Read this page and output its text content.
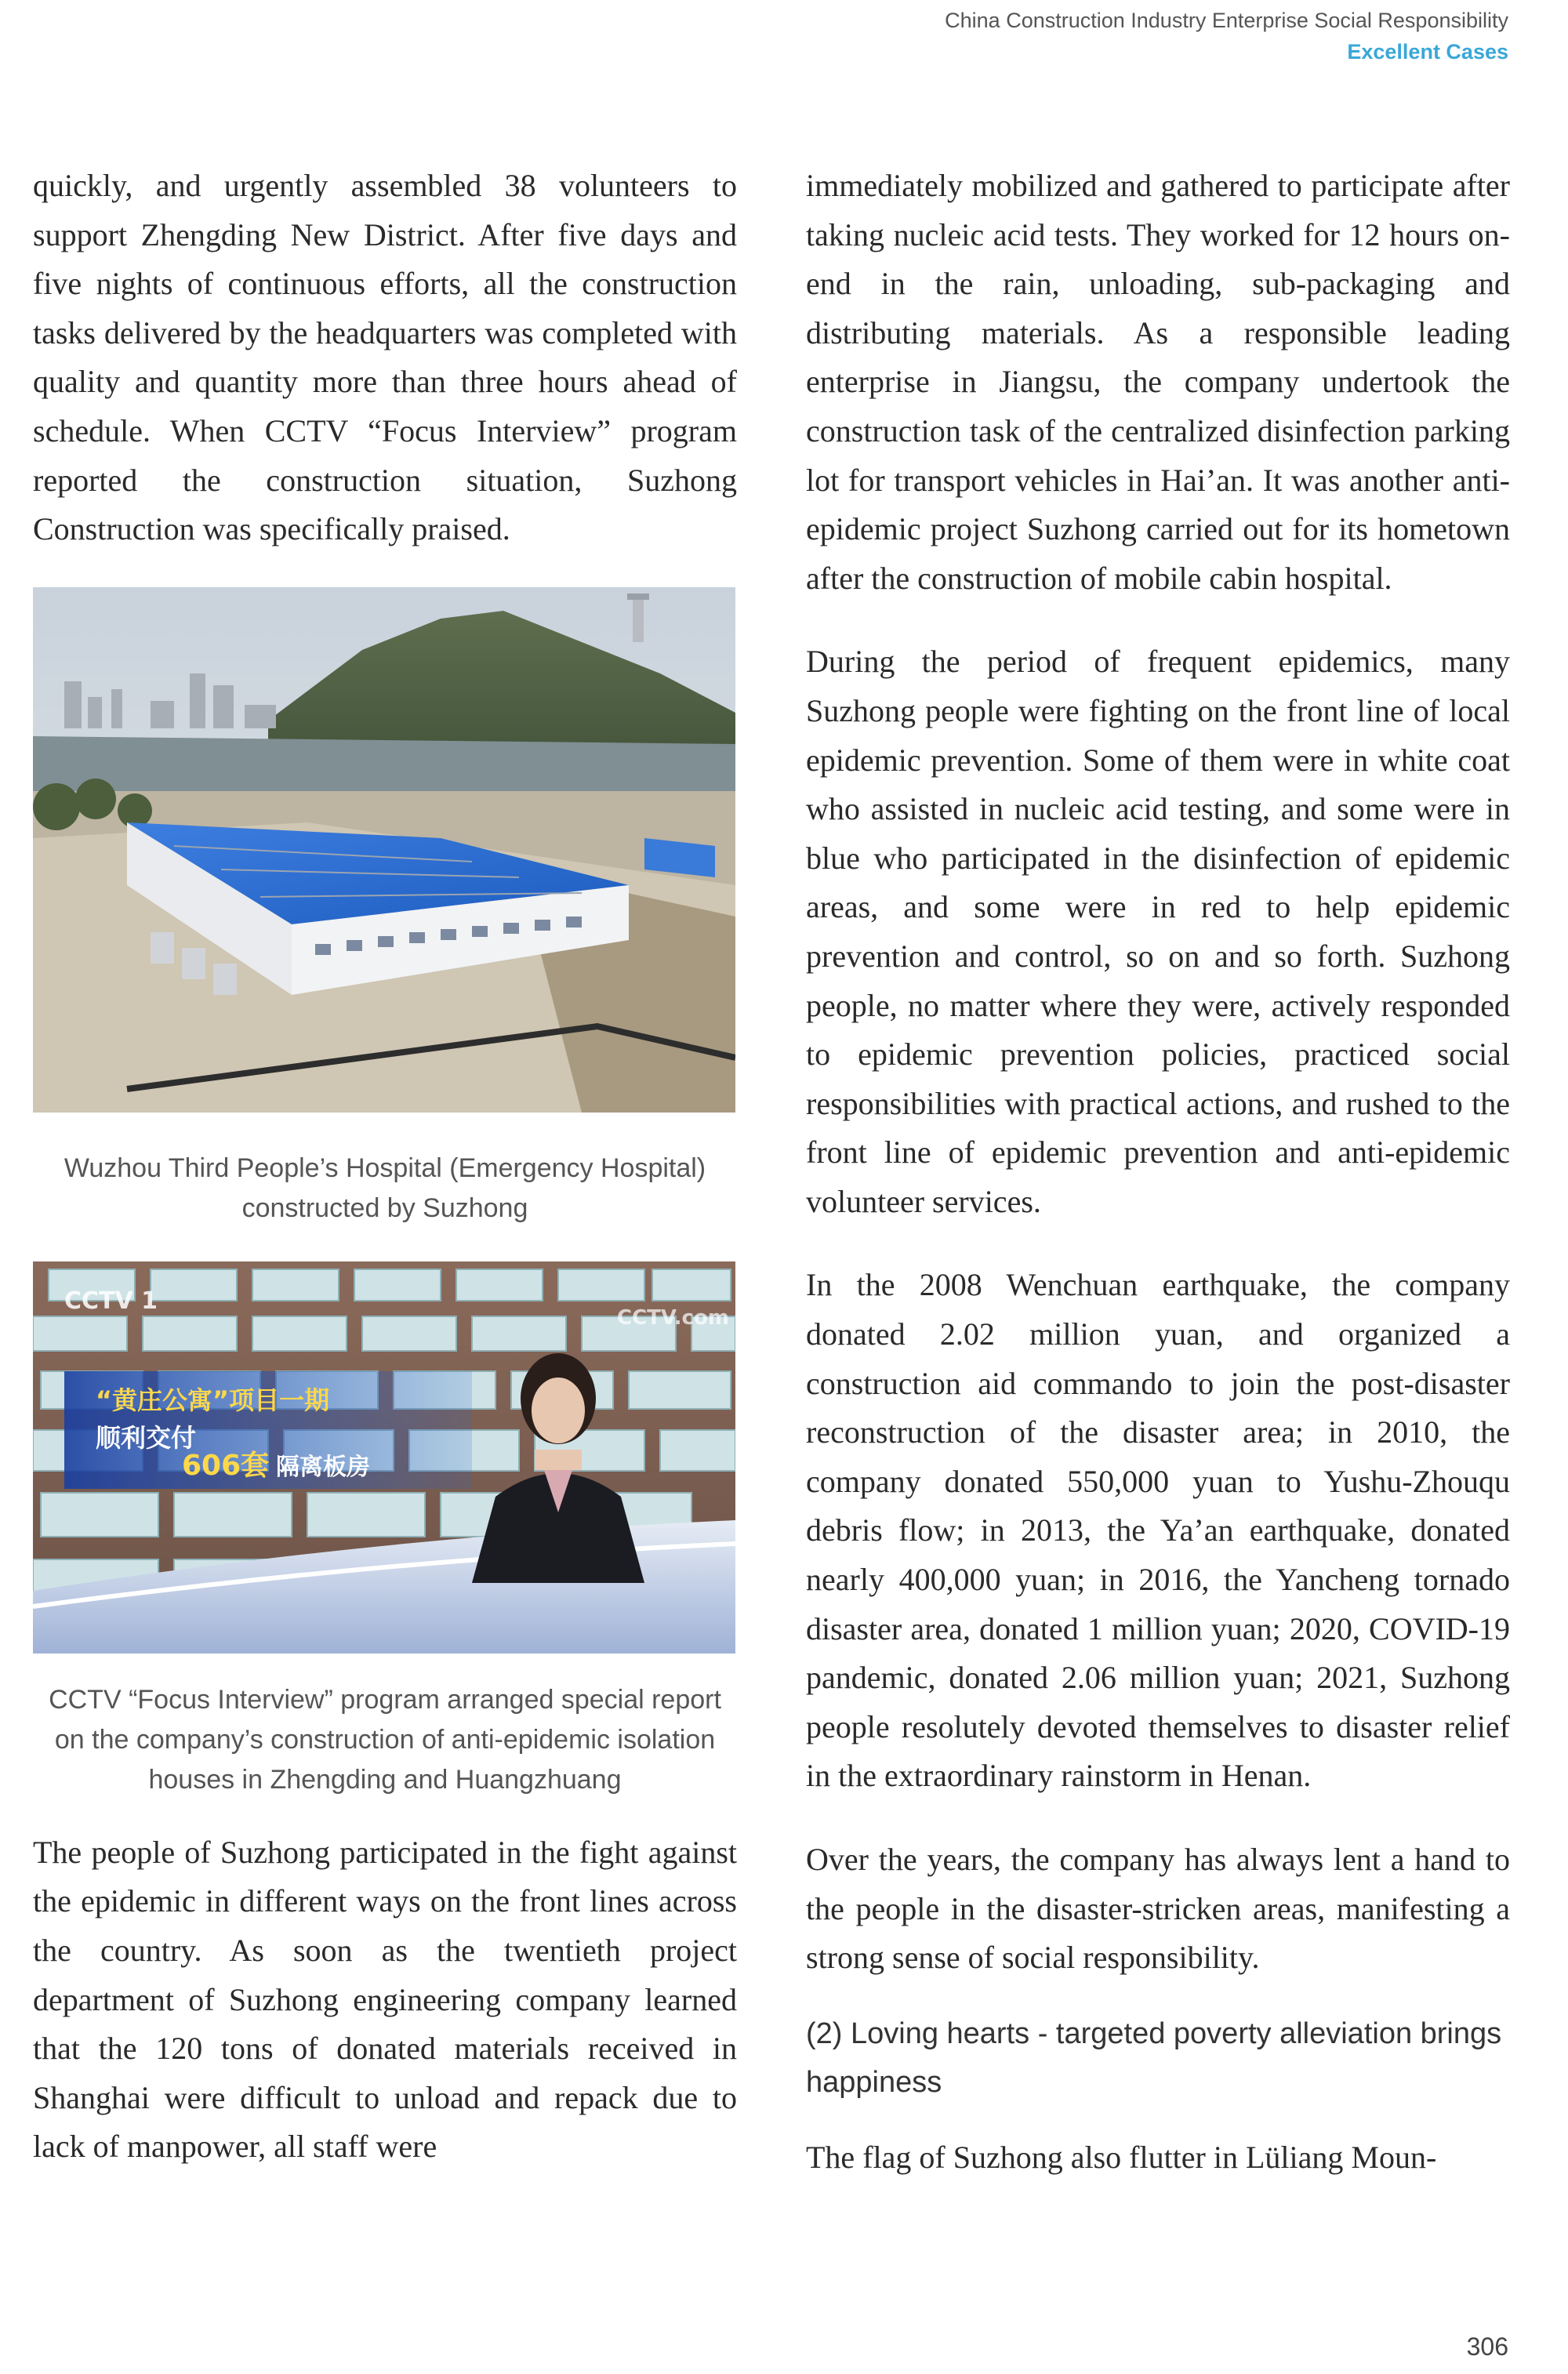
China Construction Industry Enterprise Social Responsibility
Excellent Cases

quickly, and urgently assembled 38 volunteers to support Zhengding New District. After five days and five nights of continuous efforts, all the construction tasks delivered by the headquarters was completed with quality and quantity more than three hours ahead of schedule. When CCTV “Focus Interview” program reported the construction situation, Suzhong Construction was specifically praised.

Wuzhou Third People’s Hospital (Emergency Hospital) constructed by Suzhong
CCTV 1
CCTV.com
“黄庄公寓”项目一期
顺利交付
606套 隔离板房
CCTV “Focus Interview” program arranged special report on the company’s construction of anti-epidemic isolation houses in Zhengding and Huangzhuang

The people of Suzhong participated in the fight against the epidemic in different ways on the front lines across the country. As soon as the twentieth project department of Suzhong engineering company learned that the 120 tons of donated materials received in Shanghai were difficult to unload and repack due to lack of manpower, all staff were

immediately mobilized and gathered to participate after taking nucleic acid tests. They worked for 12 hours on-end in the rain, unloading, sub-packaging and distributing materials. As a responsible leading enterprise in Jiangsu, the company undertook the construction task of the centralized disinfection parking lot for transport vehicles in Hai’an. It was another anti-epidemic project Suzhong carried out for its hometown after the construction of mobile cabin hospital.

During the period of frequent epidemics, many Suzhong people were fighting on the front line of local epidemic prevention. Some of them were in white coat who assisted in nucleic acid testing, and some were in blue who participated in the disinfection of epidemic areas, and some were in red to help epidemic prevention and control, so on and so forth. Suzhong people, no matter where they were, actively responded to epidemic prevention policies, practiced social responsibilities with practical actions, and rushed to the front line of epidemic prevention and anti-epidemic volunteer services.

In the 2008 Wenchuan earthquake, the company donated 2.02 million yuan, and organized a construction aid commando to join the post-disaster reconstruction of the disaster area; in 2010, the company donated 550,000 yuan to Yushu-Zhouqu debris flow; in 2013, the Ya’an earthquake, donated nearly 400,000 yuan; in 2016, the Yancheng tornado disaster area, donated 1 million yuan; 2020, COVID-19 pandemic, donated 2.06 million yuan; 2021, Suzhong people resolutely devoted themselves to disaster relief in the extraordinary rainstorm in Henan.

Over the years, the company has always lent a hand to the people in the disaster-stricken areas, manifesting a strong sense of social responsibility.

(2) Loving hearts - targeted poverty alleviation brings happiness

The flag of Suzhong also flutter in Lüliang Moun-

306
